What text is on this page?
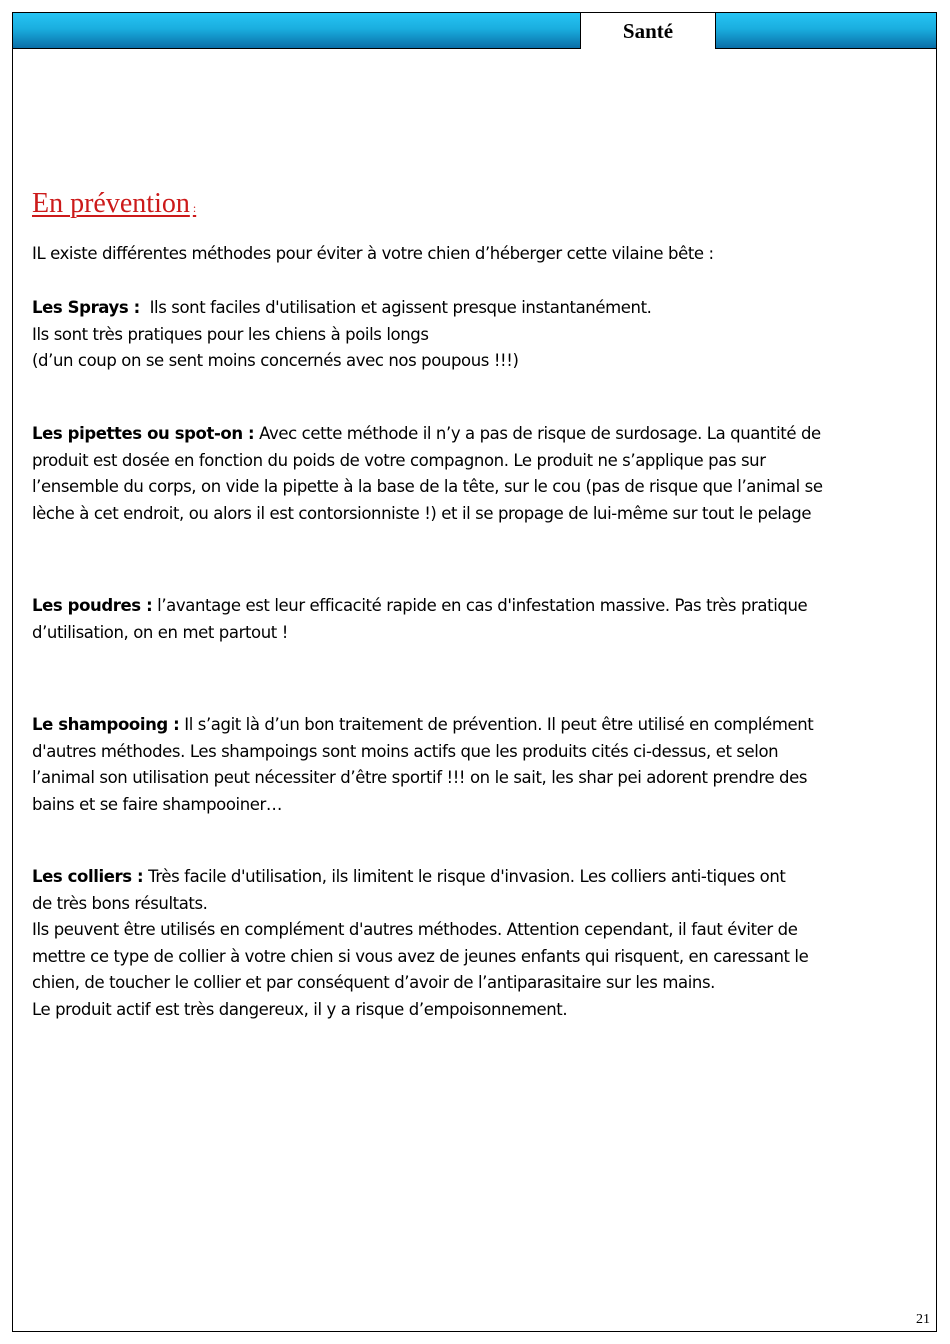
Santé
En prévention :
IL existe différentes méthodes pour éviter à votre chien d’héberger cette vilaine bête :
Les Sprays : Ils sont faciles d'utilisation et agissent presque instantanément.
Ils sont très pratiques pour les chiens à poils longs
(d’un coup on se sent moins concernés avec nos poupous !!!)
Les pipettes ou spot-on : Avec cette méthode il n’y a pas de risque de surdosage. La quantité de
produit est dosée en fonction du poids de votre compagnon. Le produit ne s’applique pas sur
l’ensemble du corps, on vide la pipette à la base de la tête, sur le cou (pas de risque que l’animal se
lèche à cet endroit, ou alors il est contorsionniste !) et il se propage de lui-même sur tout le pelage
Les poudres : l’avantage est leur efficacité rapide en cas d'infestation massive. Pas très pratique
d’utilisation, on en met partout !
Le shampooing : Il s’agit là d’un bon traitement de prévention. Il peut être utilisé en complément
d'autres méthodes. Les shampoings sont moins actifs que les produits cités ci-dessus, et selon
l’animal son utilisation peut nécessiter d’être sportif !!! on le sait, les shar pei adorent prendre des
bains et se faire shampooiner…
Les colliers : Très facile d'utilisation, ils limitent le risque d'invasion. Les colliers anti-tiques ont
de très bons résultats.
Ils peuvent être utilisés en complément d'autres méthodes. Attention cependant, il faut éviter de
mettre ce type de collier à votre chien si vous avez de jeunes enfants qui risquent, en caressant le
chien, de toucher le collier et par conséquent d’avoir de l’antiparasitaire sur les mains.
Le produit actif est très dangereux, il y a risque d’empoisonnement.
21
